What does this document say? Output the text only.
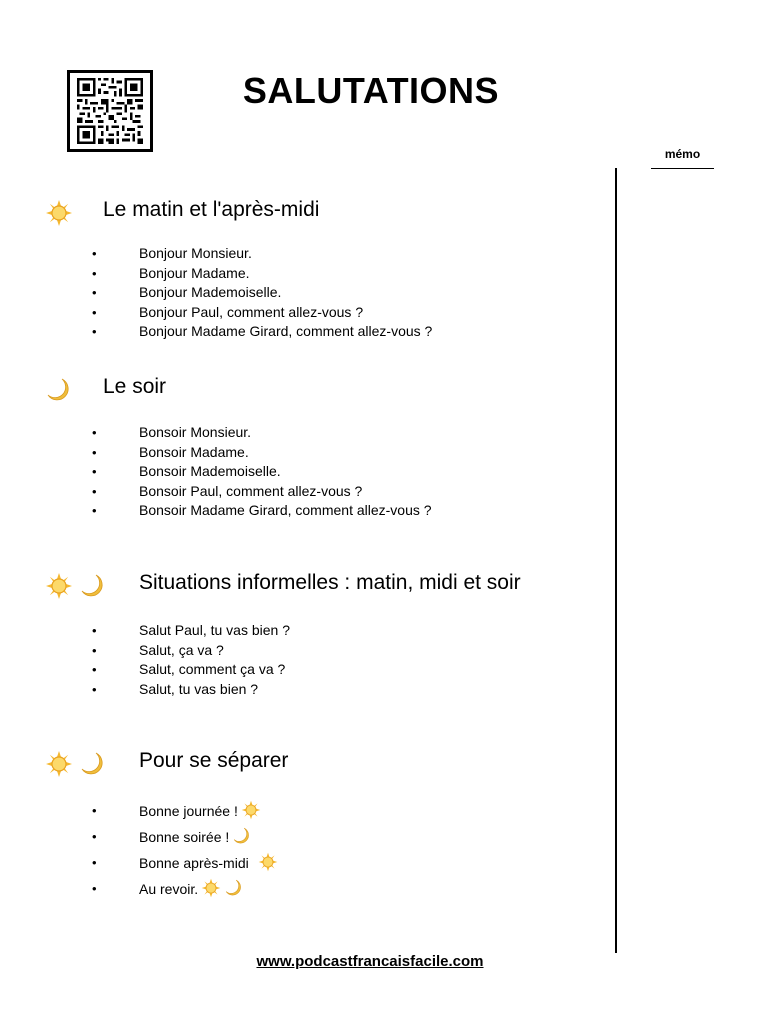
SALUTATIONS
mémo
Le matin et l'après-midi
•	Bonjour Monsieur.
•	Bonjour Madame.
•	Bonjour Mademoiselle.
•	Bonjour Paul, comment allez-vous ?
•	Bonjour Madame Girard, comment allez-vous ?
Le soir
•	Bonsoir Monsieur.
•	Bonsoir Madame.
•	Bonsoir Mademoiselle.
•	Bonsoir Paul, comment allez-vous ?
•	Bonsoir Madame Girard, comment allez-vous ?
Situations informelles : matin, midi et soir
•	Salut Paul, tu vas bien ?
•	Salut, ça va ?
•	Salut, comment ça va ?
•	Salut, tu vas bien ?
Pour se séparer
•	Bonne journée !
•	Bonne soirée !
•	Bonne après-midi
•	Au revoir.
www.podcastfrancaisfacile.com
